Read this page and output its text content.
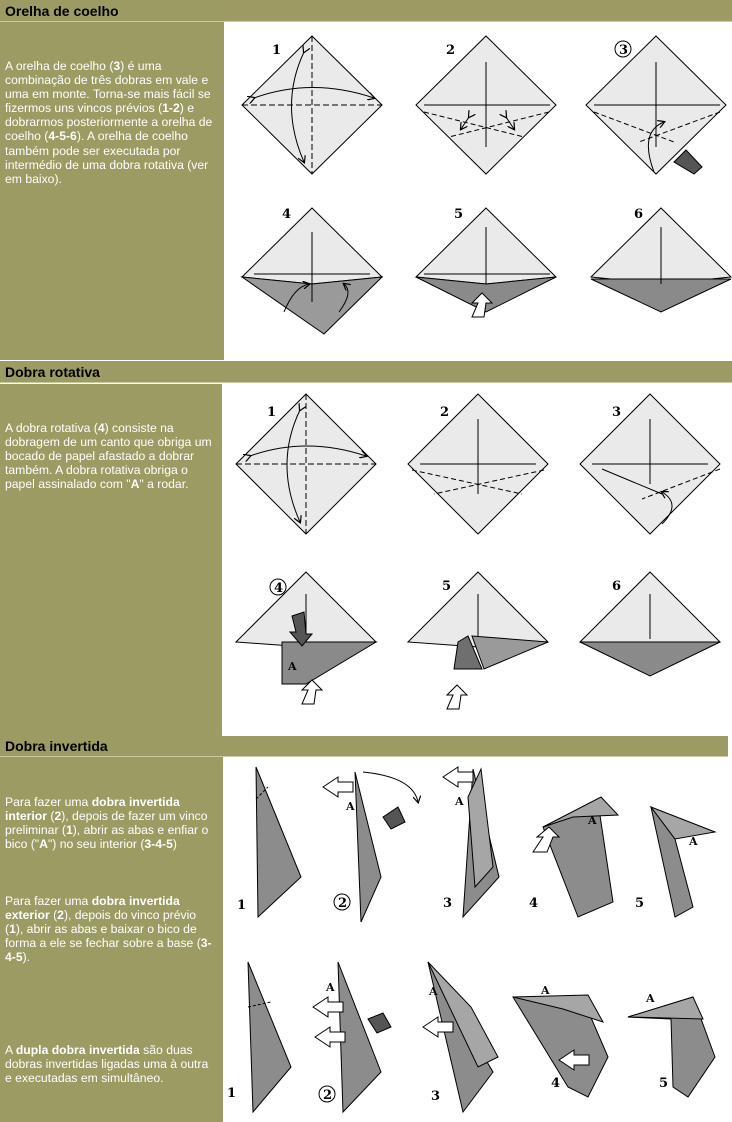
Orelha de coelho
Dobra rotativa
Dobra invertida
A orelha de coelho (3) é uma combinação de três dobras em vale e uma em monte. Torna-se mais fácil se fizermos uns vincos prévios (1-2) e dobrarmos posteriormente a orelha de coelho (4-5-6). A orelha de coelho também pode ser executada por intermédio de uma dobra rotativa (ver em baixo).
A dobra rotativa (4) consiste na dobragem de um canto que obriga um bocado de papel afastado a dobrar também. A dobra rotativa obriga o papel assinalado com "A" a rodar.
Para fazer uma dobra invertida interior (2), depois de fazer um vinco preliminar (1), abrir as abas e enfiar o bico ("A") no seu interior (3-4-5)
Para fazer uma dobra invertida exterior (2), depois do vinco prévio (1), abrir as abas e baixar o bico de forma a ele se fechar sobre a base (3-4-5).
A dupla dobra invertida são duas dobras invertidas ligadas uma à outra e executadas em simultâneo.
1	2	3
4	5	6
1	2	3
4
A
5	6
1
A
2
A
3
A
4
A
5
1
A
2
A
3
A
4
A
5
